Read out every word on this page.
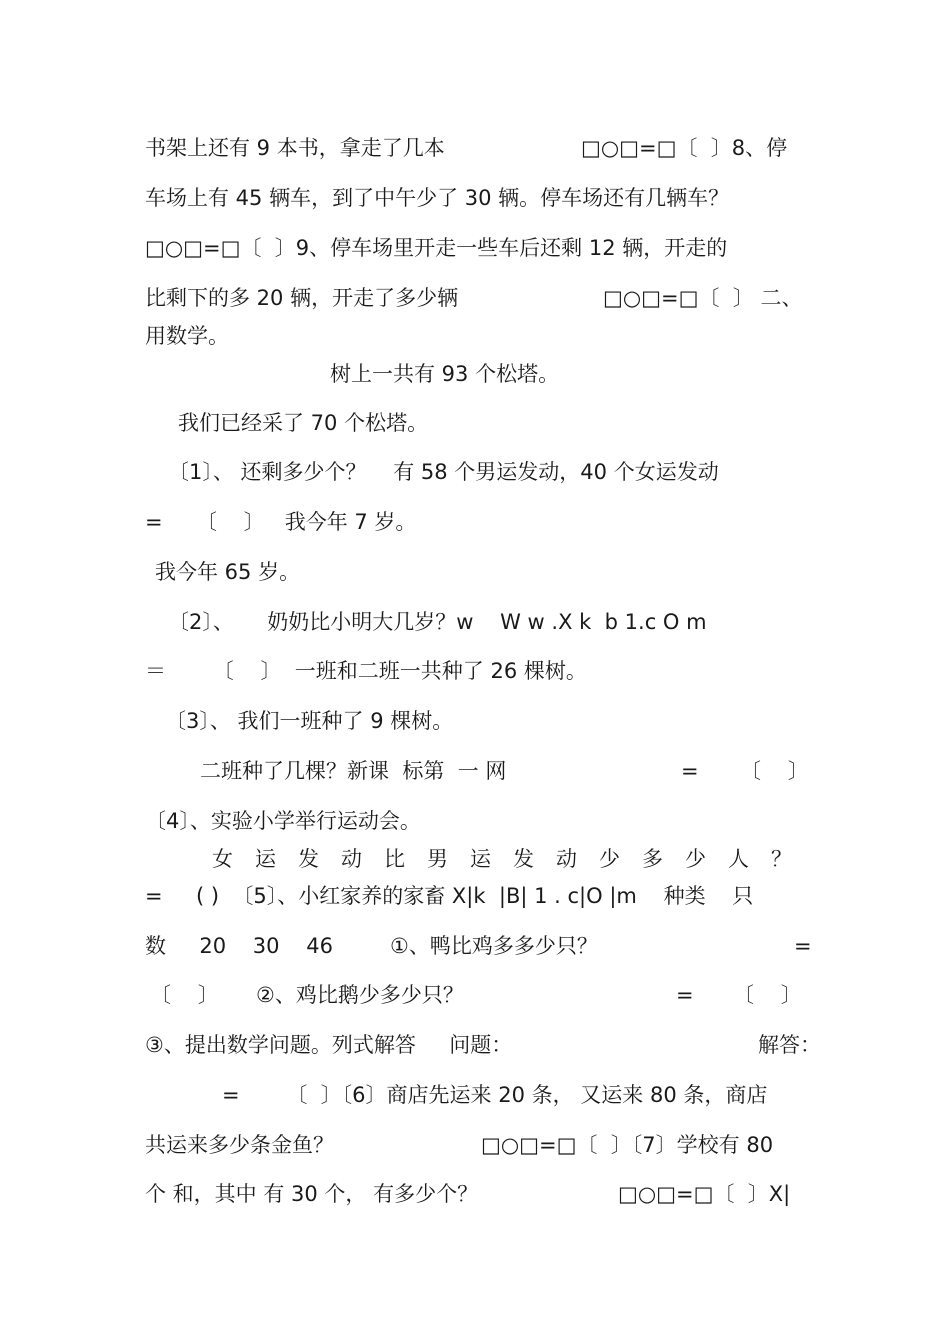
书架上还有 9 本书，拿走了几本	□○□=□〔  〕8、停
车场上有 45 辆车，到了中午少了 30 辆。停车场还有几辆车？
□○□=□〔  〕9、停车场里开走一些车后还剩 12 辆，开走的
比剩下的多 20 辆，开走了多少辆	□○□=□〔  〕 二、
用数学。
树上一共有 93 个松塔。
我们已经采了 70 个松塔。
〔1〕、 还剩多少个？    有 58 个男运发动，40 个女运发动
=     〔    〕   我今年 7 岁。
我今年 65 岁。
〔2〕、     奶奶比小明大几岁？w    W w .X k  b 1.c O m
＝       〔    〕  一班和二班一共种了 26 棵树。
〔3〕、 我们一班种了 9 棵树。
二班种了几棵？新课  标第  一 网	= 〔    〕
〔4〕、实验小学举行运动会。
女运发动比男运发动少多少人？
=     ( )  〔5〕、小红家养的家畜 X|k  |B| 1 . c|O |m    种类    只
数     20    30    46	①、鸭比鸡多多少只？	=
〔    〕 ②、鸡比鹅少多少只？	= 〔    〕
③、提出数学问题。列式解答     问题：	解答：
=       〔  〕〔6〕商店先运来 20 条， 又运来 80 条，商店
共运来多少条金鱼？	□○□=□〔  〕〔7〕学校有 80
个 和，其中 有 30 个， 有多少个？	□○□=□〔  〕X|
